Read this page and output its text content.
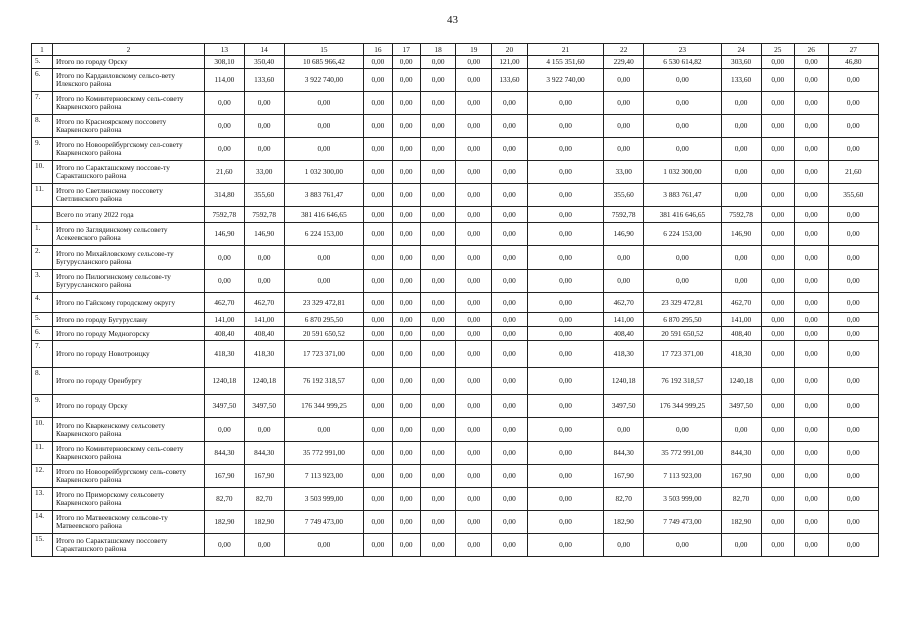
43
1	2	13	14	15	16	17	18	19	20	21	22	23	24	25	26	27
5.	Итого по городу Орску	308,10	350,40	10 685 966,42	0,00	0,00	0,00	0,00	121,00	4 155 351,60	229,40	6 530 614,82	303,60	0,00	0,00	46,80
6.	Итого по Кардаиловскому сельсо-вету Илекского района	114,00	133,60	3 922 740,00	0,00	0,00	0,00	0,00	133,60	3 922 740,00	0,00	0,00	133,60	0,00	0,00	0,00
7.	Итого по Коминтерновскому сель-совету Кваркенского района	0,00	0,00	0,00	0,00	0,00	0,00	0,00	0,00	0,00	0,00	0,00	0,00	0,00	0,00	0,00
8.	Итого по Красноярскому поссовету Кваркенского района	0,00	0,00	0,00	0,00	0,00	0,00	0,00	0,00	0,00	0,00	0,00	0,00	0,00	0,00	0,00
9.	Итого по Новоорейбургскому сел-совету Кваркенского района	0,00	0,00	0,00	0,00	0,00	0,00	0,00	0,00	0,00	0,00	0,00	0,00	0,00	0,00	0,00
10.	Итого по Саракташскому поссове-ту Саракташского района	21,60	33,00	1 032 300,00	0,00	0,00	0,00	0,00	0,00	0,00	33,00	1 032 300,00	0,00	0,00	0,00	21,60
11.	Итого по Светлинскому поссовету Светлинского района	314,80	355,60	3 883 761,47	0,00	0,00	0,00	0,00	0,00	0,00	355,60	3 883 761,47	0,00	0,00	0,00	355,60
	Всего по этапу 2022 года	7592,78	7592,78	381 416 646,65	0,00	0,00	0,00	0,00	0,00	0,00	7592,78	381 416 646,65	7592,78	0,00	0,00	0,00
1.	Итого по Заглядинскому сельсовету Асекеевского района	146,90	146,90	6 224 153,00	0,00	0,00	0,00	0,00	0,00	0,00	146,90	6 224 153,00	146,90	0,00	0,00	0,00
2.	Итого по Михайловскому сельсове-ту Бугурусланского района	0,00	0,00	0,00	0,00	0,00	0,00	0,00	0,00	0,00	0,00	0,00	0,00	0,00	0,00	0,00
3.	Итого по Пилюгинскому сельсове-ту Бугурусланского района	0,00	0,00	0,00	0,00	0,00	0,00	0,00	0,00	0,00	0,00	0,00	0,00	0,00	0,00	0,00
4.	Итого по Гайскому городскому округу	462,70	462,70	23 329 472,81	0,00	0,00	0,00	0,00	0,00	0,00	462,70	23 329 472,81	462,70	0,00	0,00	0,00
5.	Итого по городу Бугуруслану	141,00	141,00	6 870 295,50	0,00	0,00	0,00	0,00	0,00	0,00	141,00	6 870 295,50	141,00	0,00	0,00	0,00
6.	Итого по городу Медногорску	408,40	408,40	20 591 650,52	0,00	0,00	0,00	0,00	0,00	0,00	408,40	20 591 650,52	408,40	0,00	0,00	0,00
7.	Итого по городу Новотроицку	418,30	418,30	17 723 371,00	0,00	0,00	0,00	0,00	0,00	0,00	418,30	17 723 371,00	418,30	0,00	0,00	0,00
8.	Итого по городу Оренбургу	1240,18	1240,18	76 192 318,57	0,00	0,00	0,00	0,00	0,00	0,00	1240,18	76 192 318,57	1240,18	0,00	0,00	0,00
9.	Итого по городу Орску	3497,50	3497,50	176 344 999,25	0,00	0,00	0,00	0,00	0,00	0,00	3497,50	176 344 999,25	3497,50	0,00	0,00	0,00
10.	Итого по Кваркенскому сельсовету Кваркенского района	0,00	0,00	0,00	0,00	0,00	0,00	0,00	0,00	0,00	0,00	0,00	0,00	0,00	0,00	0,00
11.	Итого по Коминтерновскому сель-совету Кваркенского района	844,30	844,30	35 772 991,00	0,00	0,00	0,00	0,00	0,00	0,00	844,30	35 772 991,00	844,30	0,00	0,00	0,00
12.	Итого по Новоорейбургскому сель-совету Кваркенского района	167,90	167,90	7 113 923,00	0,00	0,00	0,00	0,00	0,00	0,00	167,90	7 113 923,00	167,90	0,00	0,00	0,00
13.	Итого по Приморскому сельсовету Кваркенского района	82,70	82,70	3 503 999,00	0,00	0,00	0,00	0,00	0,00	0,00	82,70	3 503 999,00	82,70	0,00	0,00	0,00
14.	Итого по Матвеевскому сельсове-ту Матвеевского района	182,90	182,90	7 749 473,00	0,00	0,00	0,00	0,00	0,00	0,00	182,90	7 749 473,00	182,90	0,00	0,00	0,00
15.	Итого по Саракташскому поссовету Саракташского района	0,00	0,00	0,00	0,00	0,00	0,00	0,00	0,00	0,00	0,00	0,00	0,00	0,00	0,00	0,00
